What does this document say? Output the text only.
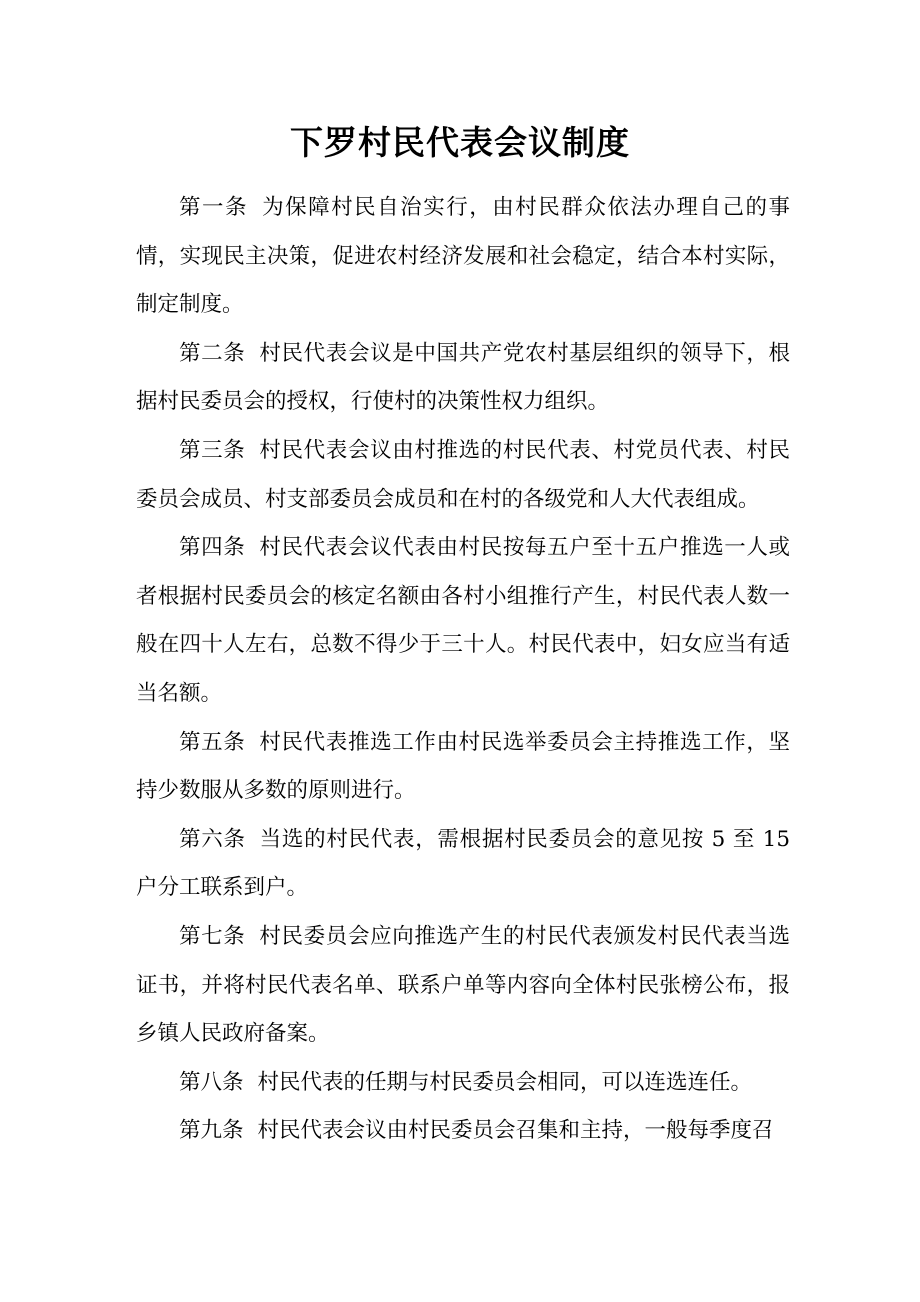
下罗村民代表会议制度

第一条 为保障村民自治实行，由村民群众依法办理自己的事情，实现民主决策，促进农村经济发展和社会稳定，结合本村实际，制定制度。

第二条 村民代表会议是中国共产党农村基层组织的领导下，根据村民委员会的授权，行使村的决策性权力组织。

第三条 村民代表会议由村推选的村民代表、村党员代表、村民委员会成员、村支部委员会成员和在村的各级党和人大代表组成。

第四条 村民代表会议代表由村民按每五户至十五户推选一人或者根据村民委员会的核定名额由各村小组推行产生，村民代表人数一般在四十人左右，总数不得少于三十人。村民代表中，妇女应当有适当名额。

第五条 村民代表推选工作由村民选举委员会主持推选工作，坚持少数服从多数的原则进行。

第六条 当选的村民代表，需根据村民委员会的意见按 5 至 15 户分工联系到户。

第七条 村民委员会应向推选产生的村民代表颁发村民代表当选证书，并将村民代表名单、联系户单等内容向全体村民张榜公布，报乡镇人民政府备案。

第八条 村民代表的任期与村民委员会相同，可以连选连任。

第九条 村民代表会议由村民委员会召集和主持，一般每季度召
